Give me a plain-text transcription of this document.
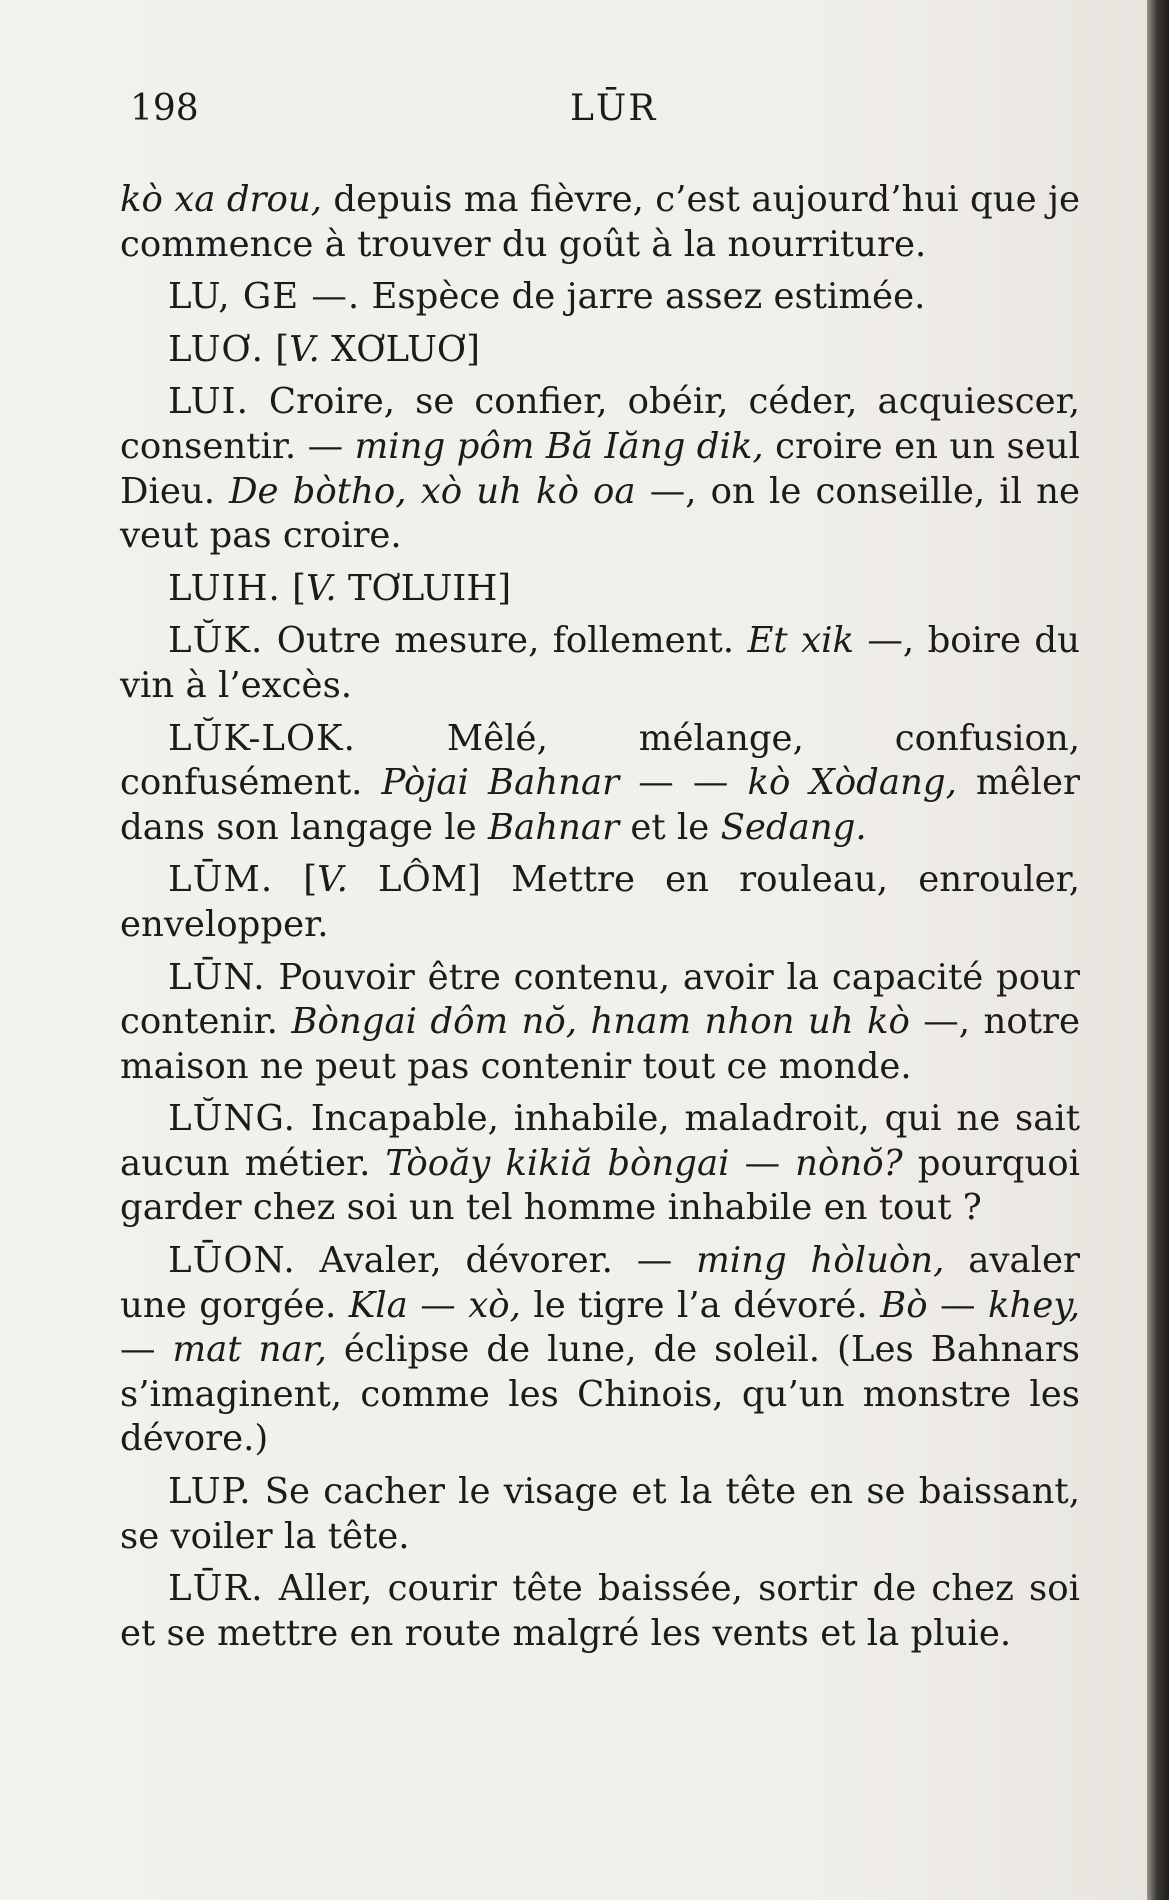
198	LŪR

kò xa drou, depuis ma fièvre, c’est aujourd’hui que je commence à trouver du goût à la nourriture.

LU, GE —. Espèce de jarre assez estimée.

LUƠ. [V. XƠLUƠ]

LUI. Croire, se confier, obéir, céder, acquiescer, consentir. — ming pôm Bă Iăng dik, croire en un seul Dieu. De bòtho, xò uh kò oa —, on le conseille, il ne veut pas croire.

LUIH. [V. TƠLUIH]

LŬK. Outre mesure, follement. Et xik —, boire du vin à l’excès.

LŬK-LOK. Mêlé, mélange, confusion, confusément. Pòjai Bahnar — — kò Xòdang, mêler dans son langage le Bahnar et le Sedang.

LŪM. [V. LÔM] Mettre en rouleau, enrouler, envelopper.

LŪN. Pouvoir être contenu, avoir la capacité pour contenir. Bòngai dôm nŏ, hnam nhon uh kò —, notre maison ne peut pas contenir tout ce monde.

LŬNG. Incapable, inhabile, maladroit, qui ne sait aucun métier. Tòoăy kikiă bòngai — nònŏ? pourquoi garder chez soi un tel homme inhabile en tout ?

LŪON. Avaler, dévorer. — ming hòluòn, avaler une gorgée. Kla — xò, le tigre l’a dévoré. Bò — khey, — mat nar, éclipse de lune, de soleil. (Les Bahnars s’imaginent, comme les Chinois, qu’un monstre les dévore.)

LUP. Se cacher le visage et la tête en se baissant, se voiler la tête.

LŪR. Aller, courir tête baissée, sortir de chez soi et se mettre en route malgré les vents et la pluie.
